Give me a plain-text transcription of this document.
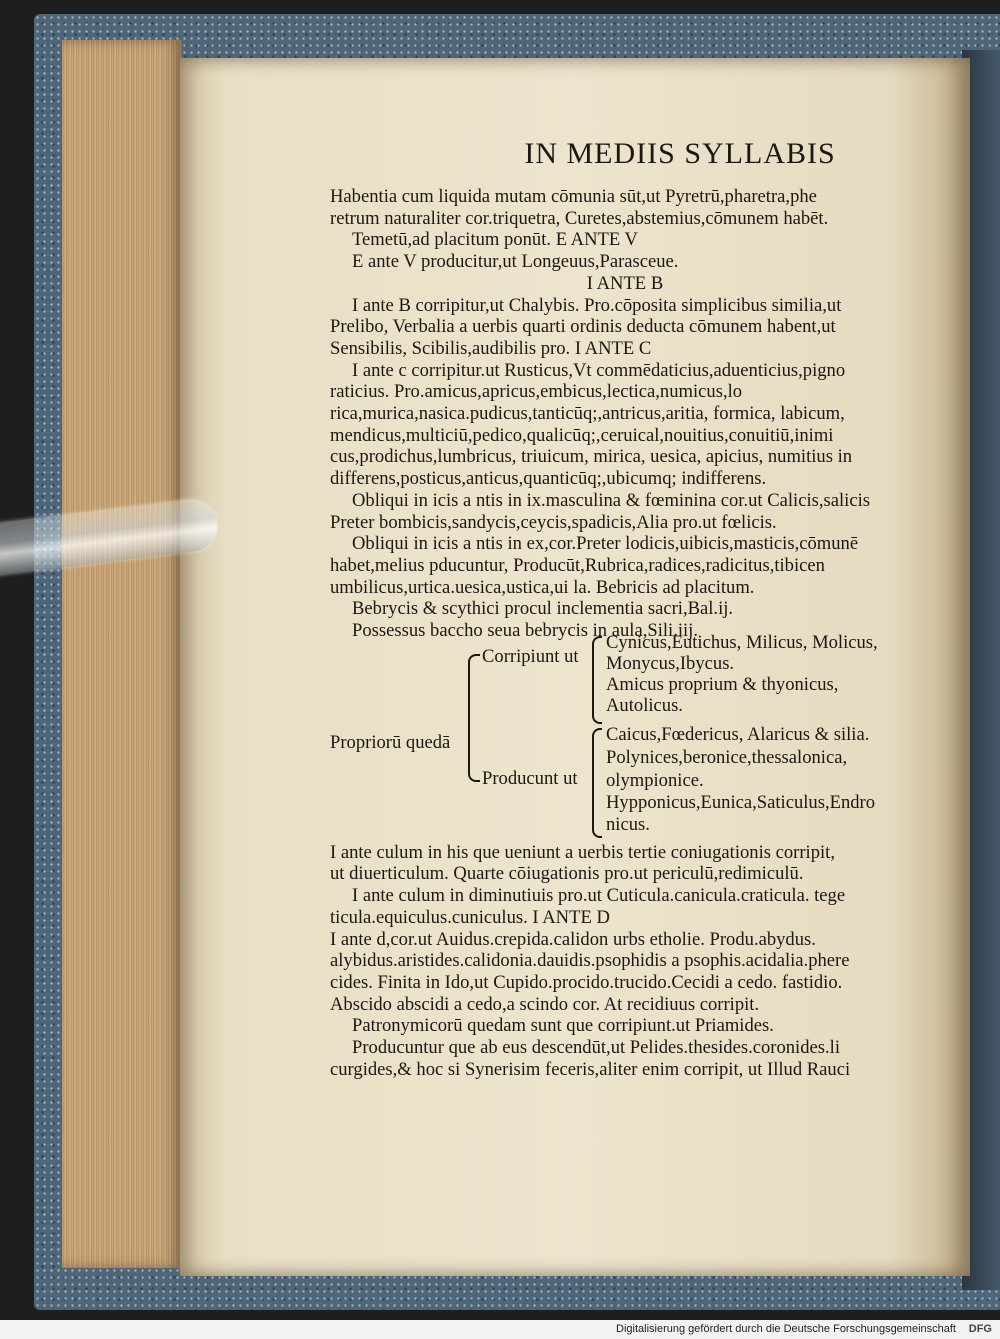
IN MEDIIS SYLLABIS
Habentia cum liquida mutam cōmunia sūt,ut Pyretrū,pharetra,phe
retrum naturaliter cor.triquetra, Curetes,abstemius,cōmunem habēt.
Temetū,ad placitum ponūt. E ANTE V
E ante V producitur,ut Longeuus,Parasceue.
I ANTE B
I ante B corripitur,ut Chalybis. Pro.cōposita simplicibus similia,ut
Prelibo, Verbalia a uerbis quarti ordinis deducta cōmunem habent,ut
Sensibilis, Scibilis,audibilis pro. I ANTE C
I ante c corripitur.ut Rusticus,Vt commēdaticius,aduenticius,pigno
raticius. Pro.amicus,apricus,embicus,lectica,numicus,lo
rica,murica,nasica.pudicus,tanticūq;,antricus,aritia, formica, labicum,
mendicus,multiciū,pedico,qualicūq;,ceruical,nouitius,conuitiū,inimi
cus,prodichus,lumbricus, triuicum, mirica, uesica, apicius, numitius in
differens,posticus,anticus,quanticūq;,ubicumq; indifferens.
Obliqui in icis a ntis in ix.masculina & fœminina cor.ut Calicis,salicis
Preter bombicis,sandycis,ceycis,spadicis,Alia pro.ut fœlicis.
Obliqui in icis a ntis in ex,cor.Preter lodicis,uibicis,masticis,cōmunē
habet,melius pducuntur, Producūt,Rubrica,radices,radicitus,tibicen
umbilicus,urtica.uesica,ustica,ui la. Bebricis ad placitum.
Bebrycis & scythici procul inclementia sacri,Bal.ij.
Possessus baccho seua bebrycis in aula,Sili.iij.
Propriorū quedā
Corripiunt ut
Producunt ut
Cynicus,Eutichus, Milicus, Molicus,
Monycus,Ibycus.
Amicus proprium & thyonicus,
Autolicus.
Caicus,Fœdericus, Alaricus & silia.
Polynices,beronice,thessalonica,
olympionice.
Hypponicus,Eunica,Saticulus,Endro
nicus.
I ante culum in his que ueniunt a uerbis tertie coniugationis corripit,
ut diuerticulum. Quarte cōiugationis pro.ut periculū,redimiculū.
I ante culum in diminutiuis pro.ut Cuticula.canicula.craticula. tege
ticula.equiculus.cuniculus. I ANTE D
I ante d,cor.ut Auidus.crepida.calidon urbs etholie. Produ.abydus.
alybidus.aristides.calidonia.dauidis.psophidis a psophis.acidalia.phere
cides. Finita in Ido,ut Cupido.procido.trucido.Cecidi a cedo. fastidio.
Abscido abscidi a cedo,a scindo cor. At recidiuus corripit.
Patronymicorū quedam sunt que corripiunt.ut Priamides.
Producuntur que ab eus descendūt,ut Pelides.thesides.coronides.li
curgides,& hoc si Synerisim feceris,aliter enim corripit, ut Illud Rauci
Digitalisierung gefördert durch die Deutsche Forschungsgemeinschaft DFG
